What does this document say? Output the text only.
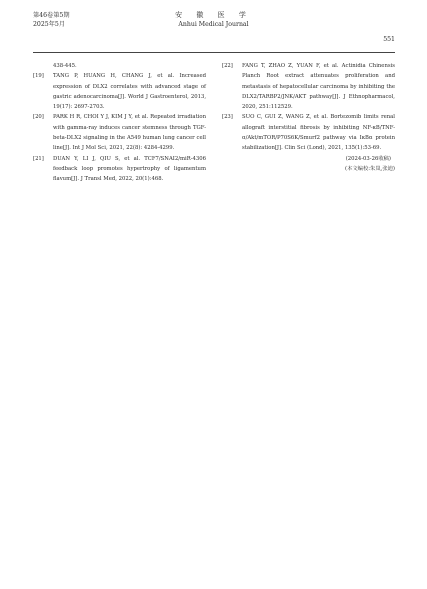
第46卷第5期
2025年5月
安 徽 医 学
Anhui Medical Journal
551

438-445.

[19] TANG P, HUANG H, CHANG J, et al. Increased expression of DLX2 correlates with advanced stage of gastric adenocarcinoma[J]. World J Gastroenterol, 2013, 19(17): 2697-2703.

[20] PARK H R, CHOI Y J, KIM J Y, et al. Repeated irradiation with gamma-ray induces cancer stemness through TGF-beta-DLX2 signaling in the A549 human lung cancer cell line[J]. Int J Mol Sci, 2021, 22(8): 4284-4299.

[21] DUAN Y, LI J, QIU S, et al. TCF7/SNAI2/miR-4306 feedback loop promotes hypertrophy of ligamentum flavum[J]. J Transl Med, 2022, 20(1):468.

[22] FANG T, ZHAO Z, YUAN F, et al. Actinidia Chinensis Planch Root extract attenuates proliferation and metastasis of hepatocellular carcinoma by inhibiting the DLX2/TARBP2/JNK/AKT pathway[J]. J Ethnopharmacol, 2020, 251:112529.

[23] SUO C, GUI Z, WANG Z, et al. Bortezomib limits renal allograft interstitial fibrosis by inhibiting NF-κB/TNF-α/Akt/mTOR/P70S6K/Smurf2 pathway via IκBα protein stabilization[J]. Clin Sci (Lond), 2021, 135(1):53-69.

(2024-03-26收稿)

(本文编校:朱岚,张迪)
